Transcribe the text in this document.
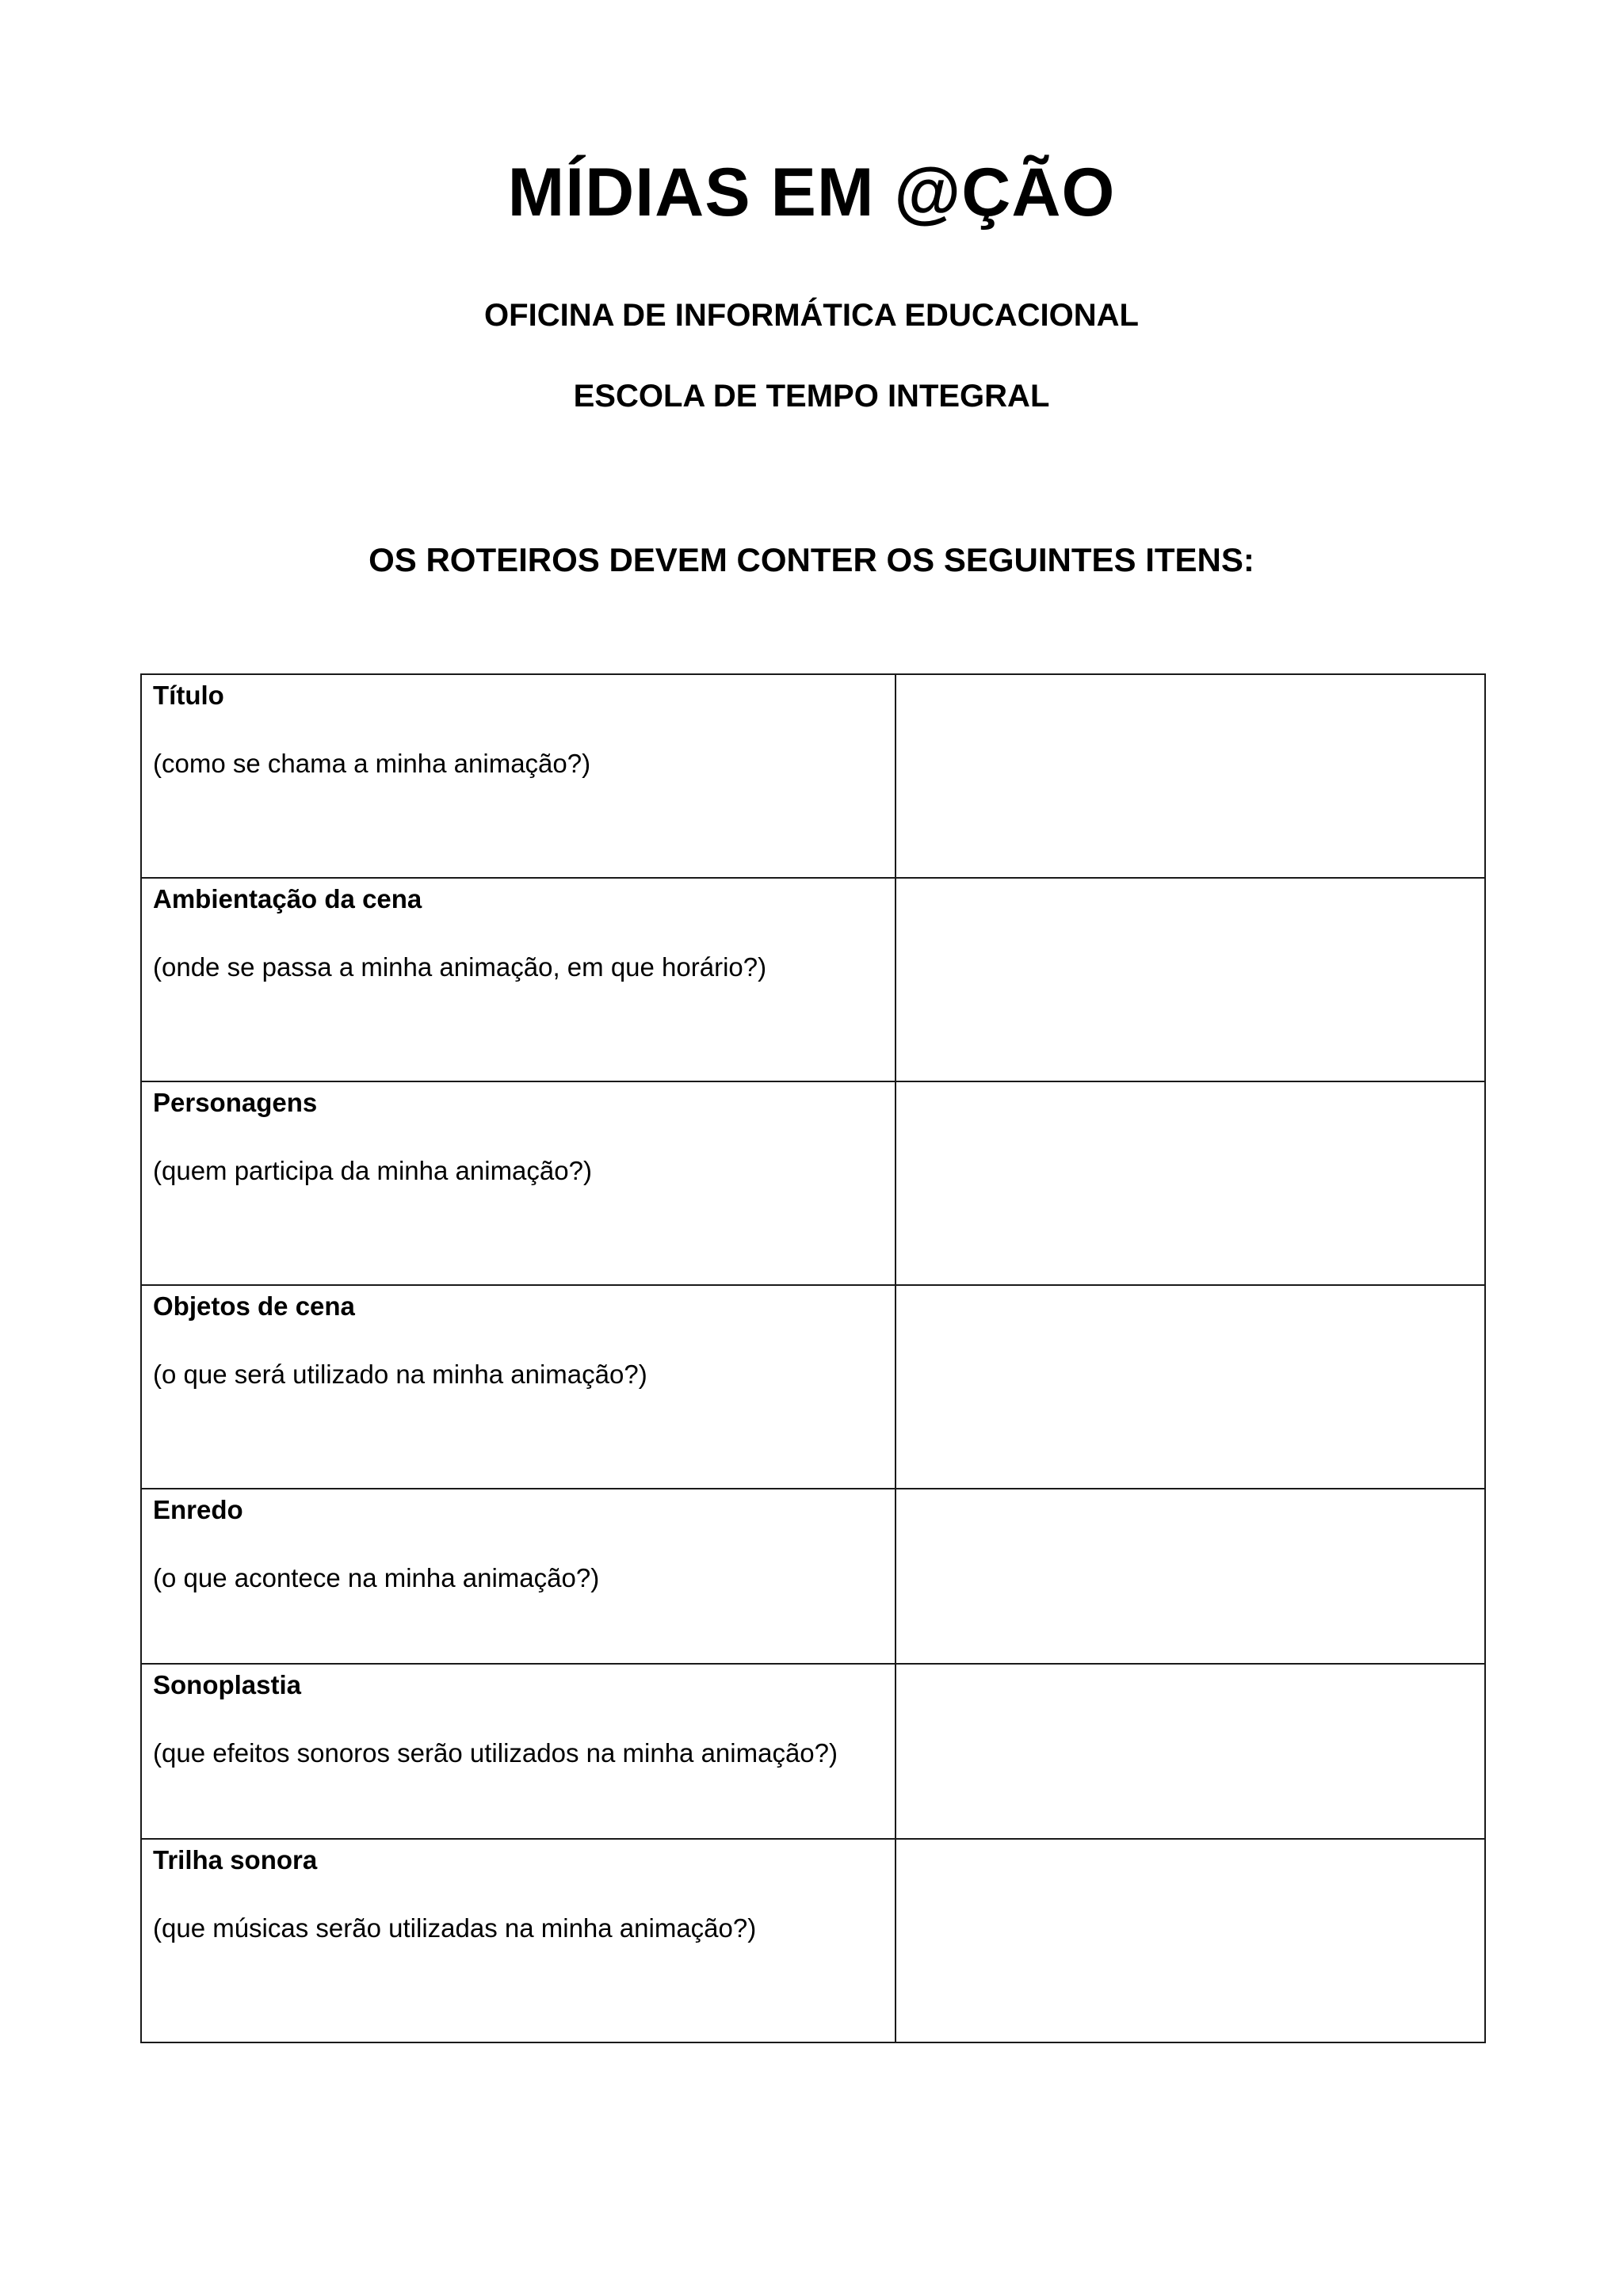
MÍDIAS EM @ÇÃO

OFICINA DE INFORMÁTICA EDUCACIONAL

ESCOLA DE TEMPO INTEGRAL

OS ROTEIROS DEVEM CONTER OS SEGUINTES ITENS:
Título
(como se chama a minha animação?)	

Ambientação da cena
(onde se passa a minha animação, em que horário?)	

Personagens
(quem participa da minha animação?)	

Objetos de cena
(o que será utilizado na minha animação?)	

Enredo
(o que acontece na minha animação?)	

Sonoplastia
(que efeitos sonoros serão utilizados na minha animação?)	

Trilha sonora
(que músicas serão utilizadas na minha animação?)	
